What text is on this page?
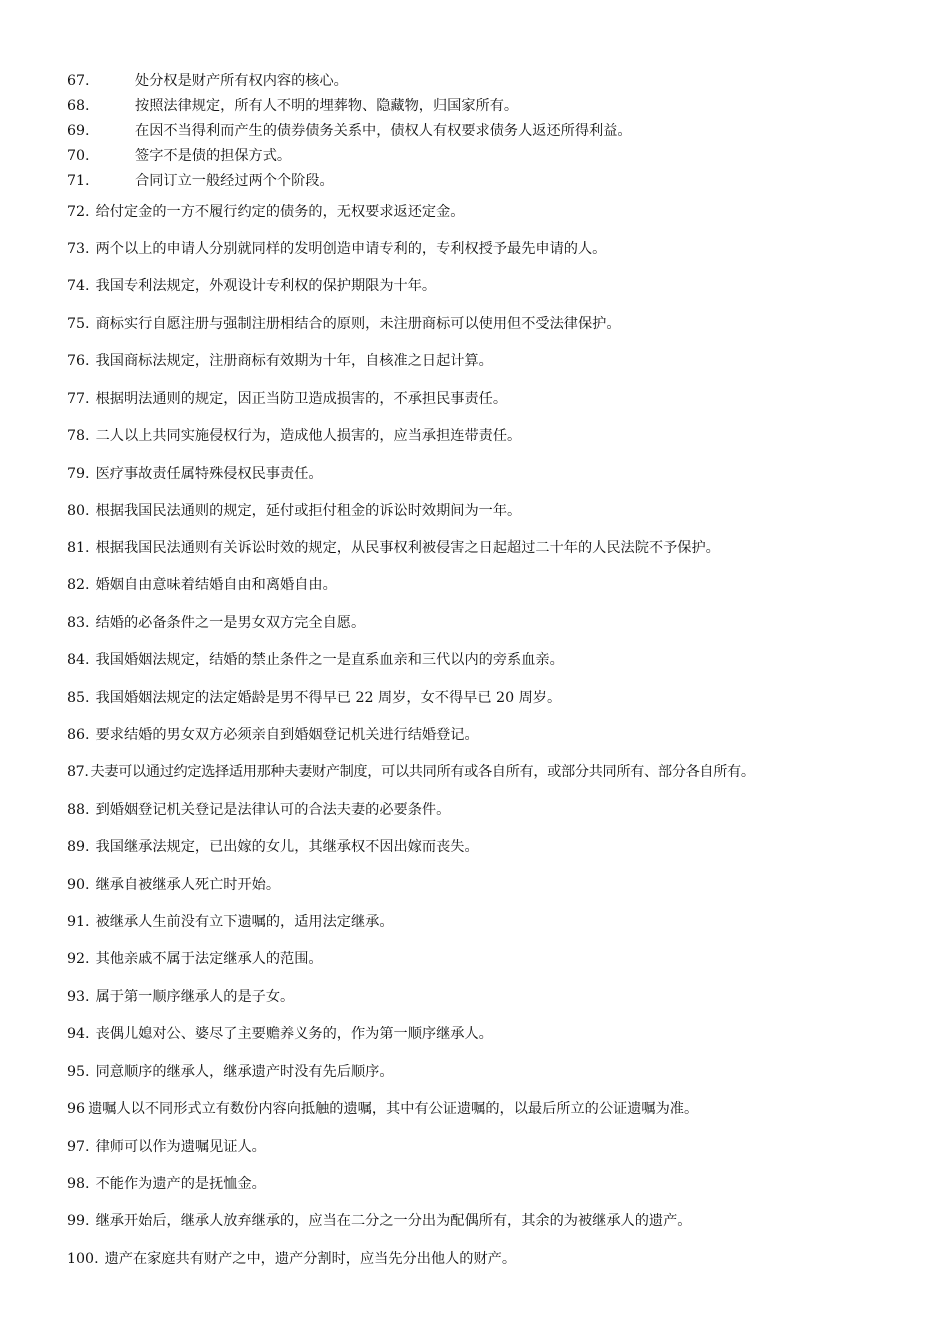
67.	处分权是财产所有权内容的核心。
68.	按照法律规定，所有人不明的埋葬物、隐藏物，归国家所有。
69.	在因不当得利而产生的债券债务关系中，债权人有权要求债务人返还所得利益。
70.	签字不是债的担保方式。
71.	合同订立一般经过两个个阶段。
72. 给付定金的一方不履行约定的债务的，无权要求返还定金。
73. 两个以上的申请人分别就同样的发明创造申请专利的，专利权授予最先申请的人。
74. 我国专利法规定，外观设计专利权的保护期限为十年。
75. 商标实行自愿注册与强制注册相结合的原则，未注册商标可以使用但不受法律保护。
76. 我国商标法规定，注册商标有效期为十年，自核准之日起计算。
77. 根据明法通则的规定，因正当防卫造成损害的，不承担民事责任。
78. 二人以上共同实施侵权行为，造成他人损害的，应当承担连带责任。
79. 医疗事故责任属特殊侵权民事责任。
80. 根据我国民法通则的规定，延付或拒付租金的诉讼时效期间为一年。
81. 根据我国民法通则有关诉讼时效的规定，从民事权利被侵害之日起超过二十年的人民法院不予保护。
82. 婚姻自由意味着结婚自由和离婚自由。
83. 结婚的必备条件之一是男女双方完全自愿。
84. 我国婚姻法规定，结婚的禁止条件之一是直系血亲和三代以内的旁系血亲。
85. 我国婚姻法规定的法定婚龄是男不得早已 22 周岁，女不得早已 20 周岁。
86. 要求结婚的男女双方必须亲自到婚姻登记机关进行结婚登记。
87. 夫妻可以通过约定选择适用那种夫妻财产制度，可以共同所有或各自所有，或部分共同所有、部分各自所有。
88. 到婚姻登记机关登记是法律认可的合法夫妻的必要条件。
89. 我国继承法规定，已出嫁的女儿，其继承权不因出嫁而丧失。
90. 继承自被继承人死亡时开始。
91. 被继承人生前没有立下遗嘱的，适用法定继承。
92. 其他亲戚不属于法定继承人的范围。
93. 属于第一顺序继承人的是子女。
94. 丧偶儿媳对公、婆尽了主要赡养义务的，作为第一顺序继承人。
95. 同意顺序的继承人，继承遗产时没有先后顺序。
96 遗嘱人以不同形式立有数份内容向抵触的遗嘱，其中有公证遗嘱的，以最后所立的公证遗嘱为准。
97. 律师可以作为遗嘱见证人。
98. 不能作为遗产的是抚恤金。
99. 继承开始后，继承人放弃继承的，应当在二分之一分出为配偶所有，其余的为被继承人的遗产。
100. 遗产在家庭共有财产之中，遗产分割时，应当先分出他人的财产。
